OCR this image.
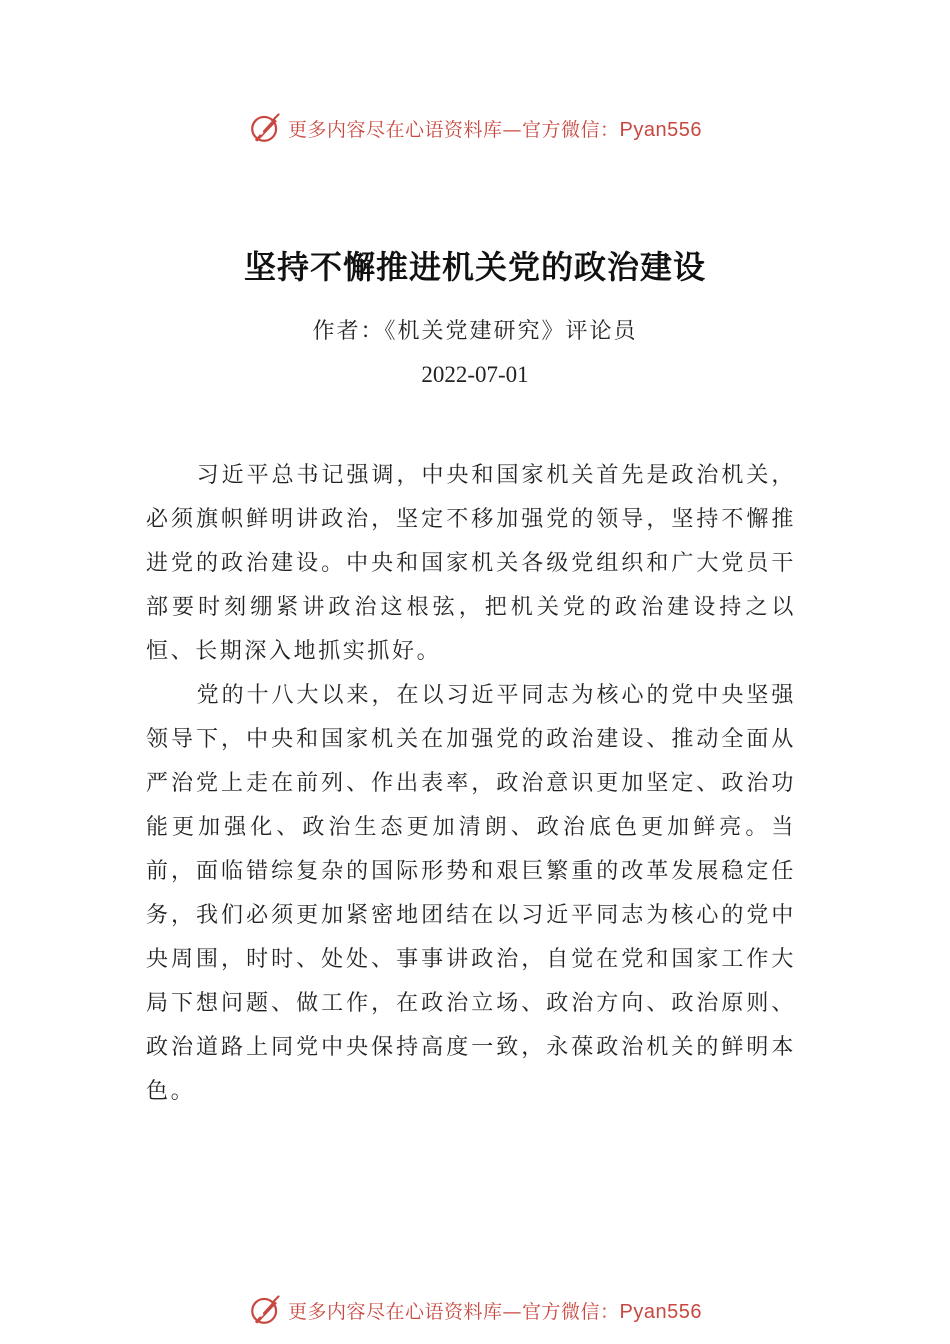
更多内容尽在心语资料库—官方微信：Pyan556
坚持不懈推进机关党的政治建设
作者：《机关党建研究》评论员
2022-07-01

习近平总书记强调，中央和国家机关首先是政治机关，必须旗帜鲜明讲政治，坚定不移加强党的领导，坚持不懈推进党的政治建设。中央和国家机关各级党组织和广大党员干部要时刻绷紧讲政治这根弦，把机关党的政治建设持之以恒、长期深入地抓实抓好。

党的十八大以来，在以习近平同志为核心的党中央坚强领导下，中央和国家机关在加强党的政治建设、推动全面从严治党上走在前列、作出表率，政治意识更加坚定、政治功能更加强化、政治生态更加清朗、政治底色更加鲜亮。当前，面临错综复杂的国际形势和艰巨繁重的改革发展稳定任务，我们必须更加紧密地团结在以习近平同志为核心的党中央周围，时时、处处、事事讲政治，自觉在党和国家工作大局下想问题、做工作，在政治立场、政治方向、政治原则、政治道路上同党中央保持高度一致，永葆政治机关的鲜明本色。

更多内容尽在心语资料库—官方微信：Pyan556
